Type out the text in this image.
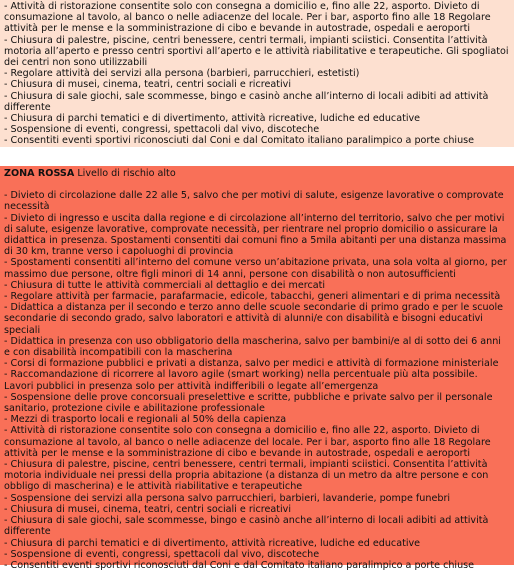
- Attività di ristorazione consentite solo con consegna a domicilio e, fino alle 22, asporto. Divieto di consumazione al tavolo, al banco o nelle adiacenze del locale. Per i bar, asporto fino alle 18 Regolare attività per le mense e la somministrazione di cibo e bevande in autostrade, ospedali e aeroporti

- Chiusura di palestre, piscine, centri benessere, centri termali, impianti sciistici. Consentita l’attività motoria all’aperto e presso centri sportivi all’aperto e le attività riabilitative e terapeutiche. Gli spogliatoi dei centri non sono utilizzabili

- Regolare attività dei servizi alla persona (barbieri, parrucchieri, estetisti)

- Chiusura di musei, cinema, teatri, centri sociali e ricreativi

- Chiusura di sale giochi, sale scommesse, bingo e casinò anche all’interno di locali adibiti ad attività differente

- Chiusura di parchi tematici e di divertimento, attività ricreative, ludiche ed educative

- Sospensione di eventi, congressi, spettacoli dal vivo, discoteche

- Consentiti eventi sportivi riconosciuti dal Coni e dal Comitato italiano paralimpico a porte chiuse

ZONA ROSSA Livello di rischio alto

- Divieto di circolazione dalle 22 alle 5, salvo che per motivi di salute, esigenze lavorative o comprovate necessità

- Divieto di ingresso e uscita dalla regione e di circolazione all’interno del territorio, salvo che per motivi di salute, esigenze lavorative, comprovate necessità, per rientrare nel proprio domicilio o assicurare la didattica in presenza. Spostamenti consentiti dai comuni fino a 5mila abitanti per una distanza massima di 30 km, tranne verso i capoluoghi di provincia

- Spostamenti consentiti all’interno del comune verso un’abitazione privata, una sola volta al giorno, per massimo due persone, oltre figli minori di 14 anni, persone con disabilità o non autosufficienti

- Chiusura di tutte le attività commerciali al dettaglio e dei mercati

- Regolare attività per farmacie, parafarmacie, edicole, tabacchi, generi alimentari e di prima necessità

- Didattica a distanza per il secondo e terzo anno delle scuole secondarie di primo grado e per le scuole secondarie di secondo grado, salvo laboratori e attività di alunni/e con disabilità e bisogni educativi speciali

- Didattica in presenza con uso obbligatorio della mascherina, salvo per bambini/e al di sotto dei 6 anni e con disabilità incompatibili con la mascherina

- Corsi di formazione pubblici e privati a distanza, salvo per medici e attività di formazione ministeriale

- Raccomandazione di ricorrere al lavoro agile (smart working) nella percentuale più alta possibile. Lavori pubblici in presenza solo per attività indifferibili o legate all’emergenza

- Sospensione delle prove concorsuali preselettive e scritte, pubbliche e private salvo per il personale sanitario, protezione civile e abilitazione professionale

- Mezzi di trasporto locali e regionali al 50% della capienza

- Attività di ristorazione consentite solo con consegna a domicilio e, fino alle 22, asporto. Divieto di consumazione al tavolo, al banco o nelle adiacenze del locale. Per i bar, asporto fino alle 18 Regolare attività per le mense e la somministrazione di cibo e bevande in autostrade, ospedali e aeroporti

- Chiusura di palestre, piscine, centri benessere, centri termali, impianti sciistici. Consentita l’attività motoria individuale nei pressi della propria abitazione (a distanza di un metro da altre persone e con obbligo di mascherina) e le attività riabilitative e terapeutiche

- Sospensione dei servizi alla persona salvo parrucchieri, barbieri, lavanderie, pompe funebri

- Chiusura di musei, cinema, teatri, centri sociali e ricreativi

- Chiusura di sale giochi, sale scommesse, bingo e casinò anche all’interno di locali adibiti ad attività differente

- Chiusura di parchi tematici e di divertimento, attività ricreative, ludiche ed educative

- Sospensione di eventi, congressi, spettacoli dal vivo, discoteche

- Consentiti eventi sportivi riconosciuti dal Coni e dal Comitato italiano paralimpico a porte chiuse
